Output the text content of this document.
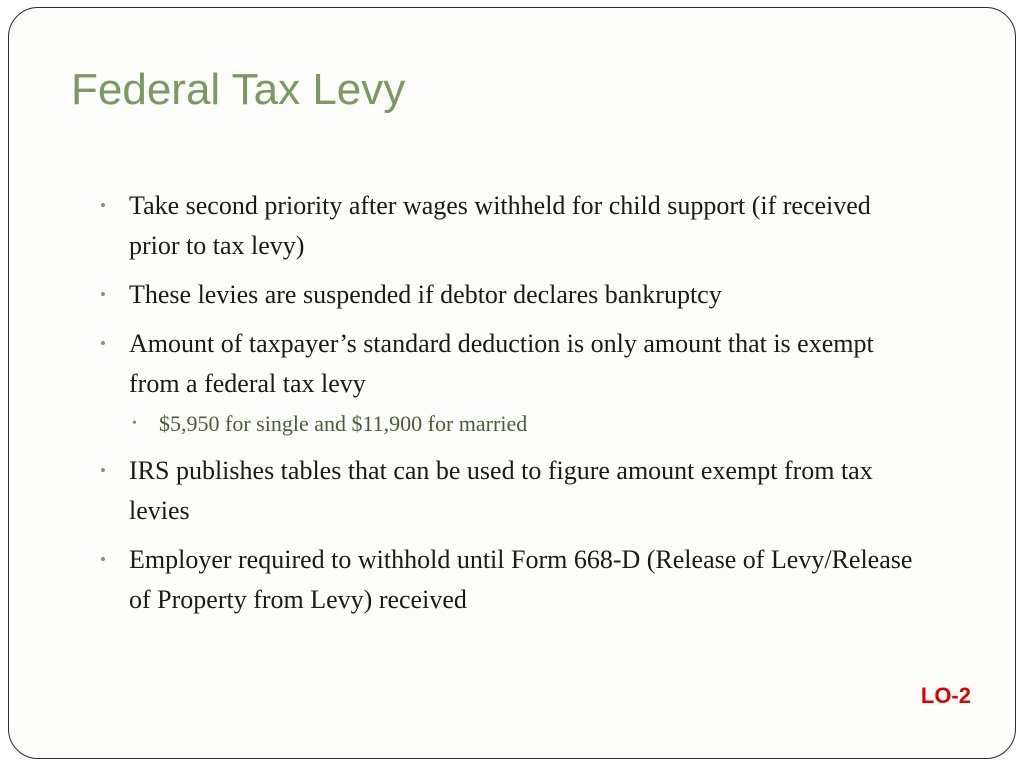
Federal Tax Levy
• Take second priority after wages withheld for child support (if received prior to tax levy)
• These levies are suspended if debtor declares bankruptcy
• Amount of taxpayer’s standard deduction is only amount that is exempt from a federal tax levy
• $5,950 for single and $11,900 for married
• IRS publishes tables that can be used to figure amount exempt from tax levies
• Employer required to withhold until Form 668-D (Release of Levy/Release of Property from Levy) received
LO-2
